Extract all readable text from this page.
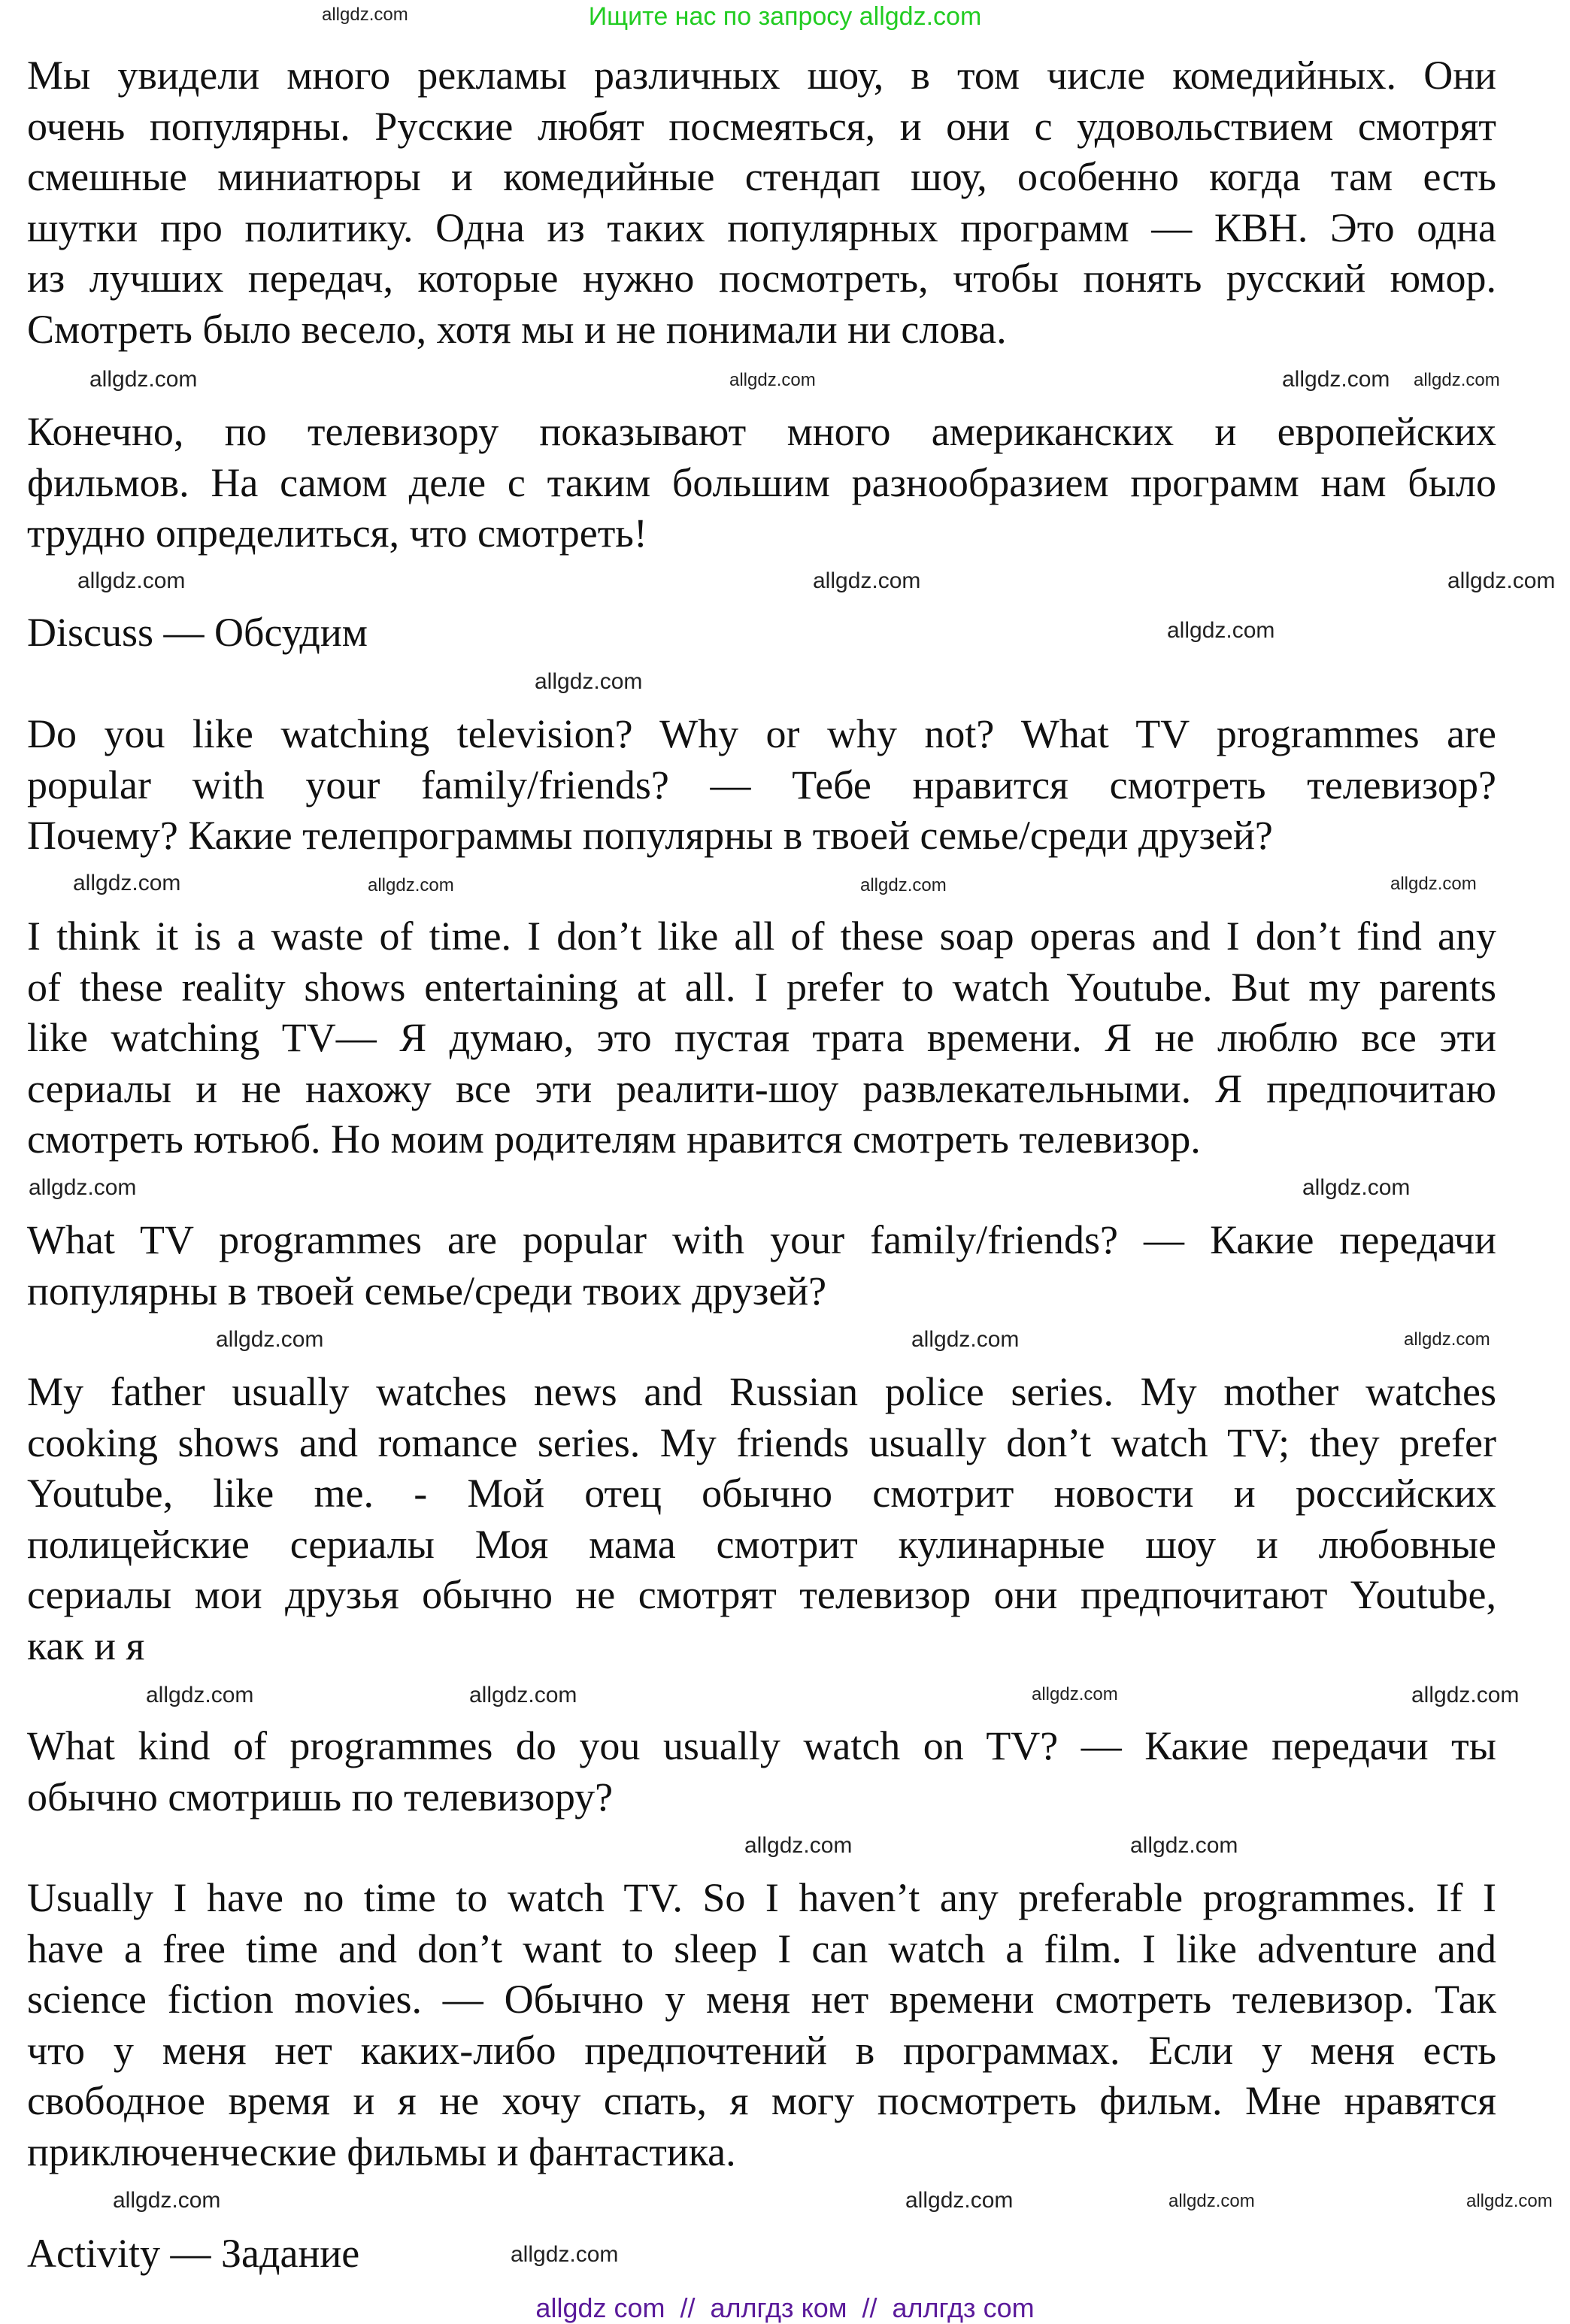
Ищите нас по запросу allgdz.com
Мы увидели много рекламы различных шоу, в том числе комедийных. Они
очень популярны. Русские любят посмеяться, и они с удовольствием смотрят
смешные миниатюры и комедийные стендап шоу, особенно когда там есть
шутки про политику. Одна из таких популярных программ — КВН. Это одна
из лучших передач, которые нужно посмотреть, чтобы понять русский юмор.
Смотреть было весело, хотя мы и не понимали ни слова.
Конечно, по телевизору показывают много американских и европейских
фильмов. На самом деле с таким большим разнообразием программ нам было
трудно определиться, что смотреть!
Do you like watching television? Why or why not? What TV programmes are
popular with your family/friends? — Тебе нравится смотреть телевизор?
Почему? Какие телепрограммы популярны в твоей семье/среди друзей?
I think it is a waste of time. I don’t like all of these soap operas and I don’t find any
of these reality shows entertaining at all. I prefer to watch Youtube. But my parents
like watching TV— Я думаю, это пустая трата времени. Я не люблю все эти
сериалы и не нахожу все эти реалити-шоу развлекательными. Я предпочитаю
смотреть ютьюб. Но моим родителям нравится смотреть телевизор.
What TV programmes are popular with your family/friends? — Какие передачи
популярны в твоей семье/среди твоих друзей?
My father usually watches news and Russian police series. My mother watches
cooking shows and romance series. My friends usually don’t watch TV; they prefer
Youtube, like me. - Мой отец обычно смотрит новости и российских
полицейские сериалы Моя мама смотрит кулинарные шоу и любовные
сериалы мои друзья обычно не смотрят телевизор они предпочитают Youtube,
как и я
What kind of programmes do you usually watch on TV? — Какие передачи ты
обычно смотришь по телевизору?
Usually I have no time to watch TV. So I haven’t any preferable programmes. If I
have a free time and don’t want to sleep I can watch a film. I like adventure and
science fiction movies. — Обычно у меня нет времени смотреть телевизор. Так
что у меня нет каких-либо предпочтений в программах. Если у меня есть
свободное время и я не хочу спать, я могу посмотреть фильм. Мне нравятся
приключенческие фильмы и фантастика.
Discuss — Обсудим
Activity — Задание
allgdz.com
allgdz.com
allgdz.com	allgdz.com
allgdz.com
allgdz.com	allgdz.com
allgdz.com
allgdz.com
allgdz.com
allgdz.com
allgdz.com	allgdz.com	allgdz.com
allgdz.com
allgdz.com
allgdz.com	allgdz.com
allgdz.com
allgdz.com
allgdz.com
allgdz.com	allgdz.com
allgdz.com	allgdz.com
allgdz.com
allgdz.com
allgdz.com
allgdz.com
allgdz.com
allgdz com  //  аллгдз ком  //  аллгдз com
